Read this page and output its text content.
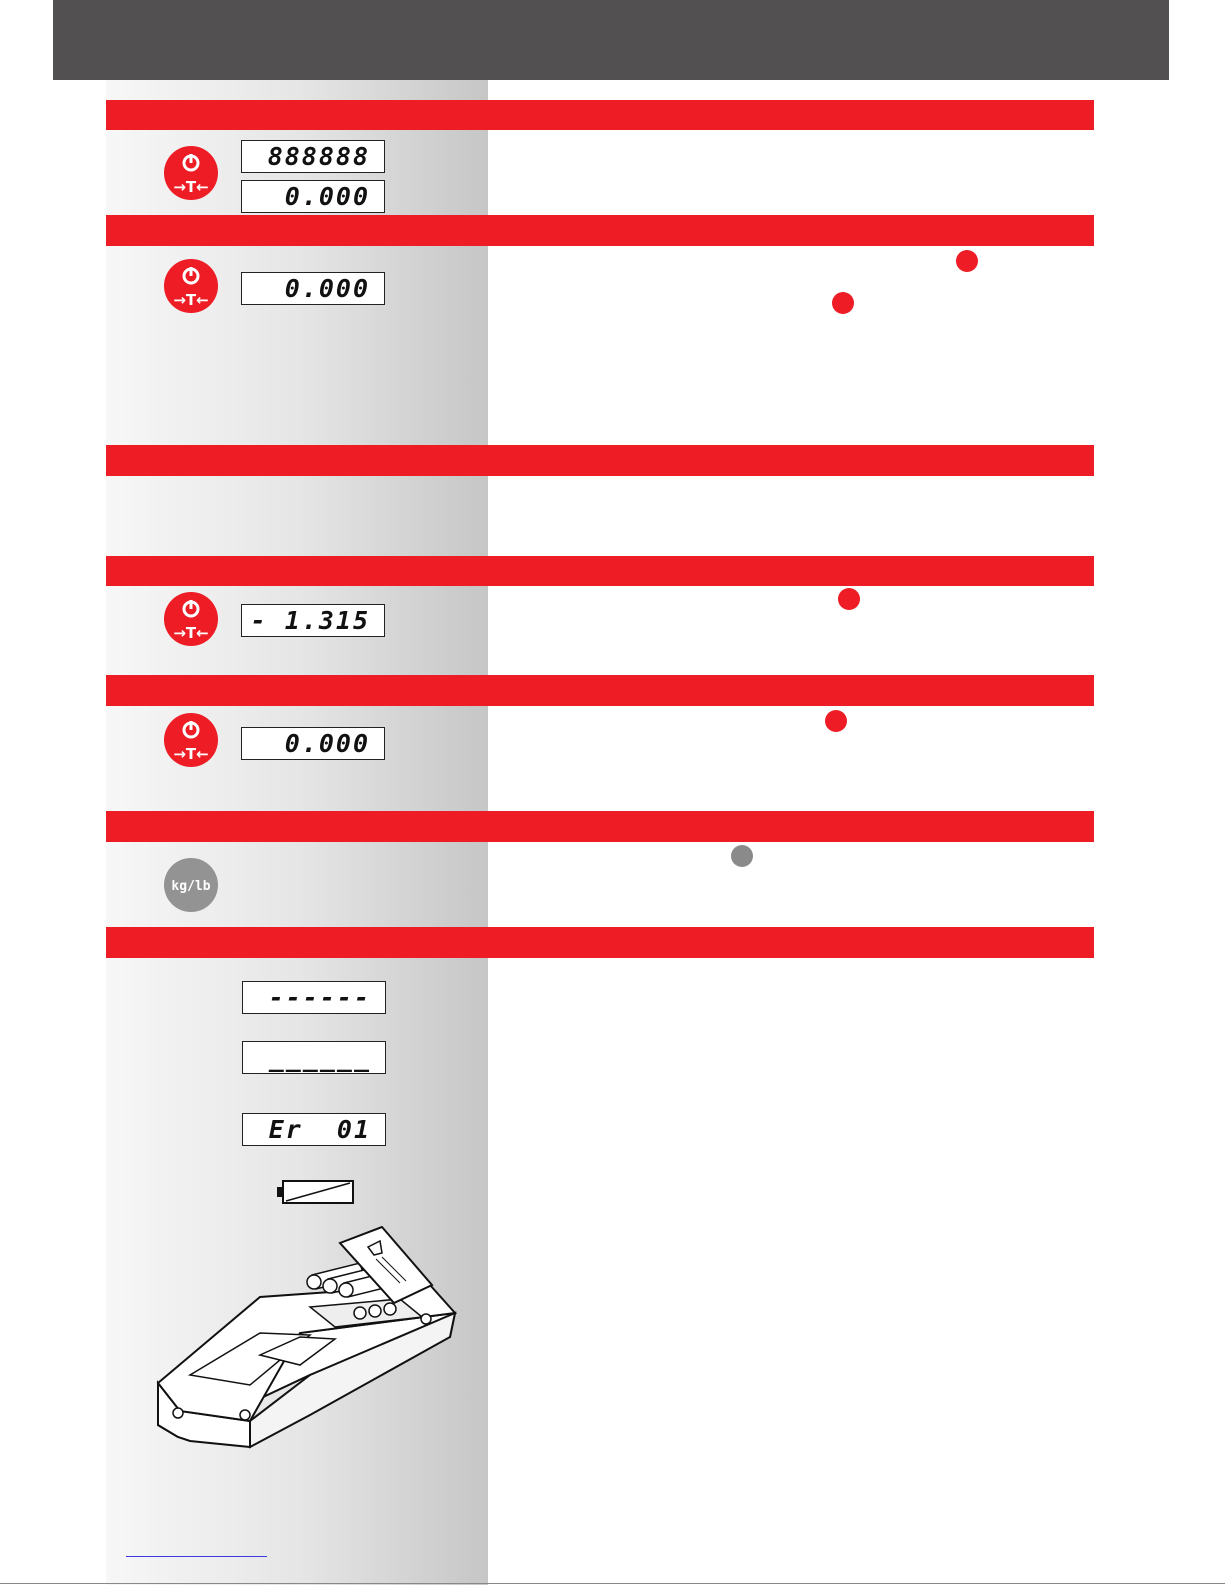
→T←
888888
0.000
→T←	0.000
→T←	- 1.315
→T←	0.000
kg/lb
------
______
Er  01
